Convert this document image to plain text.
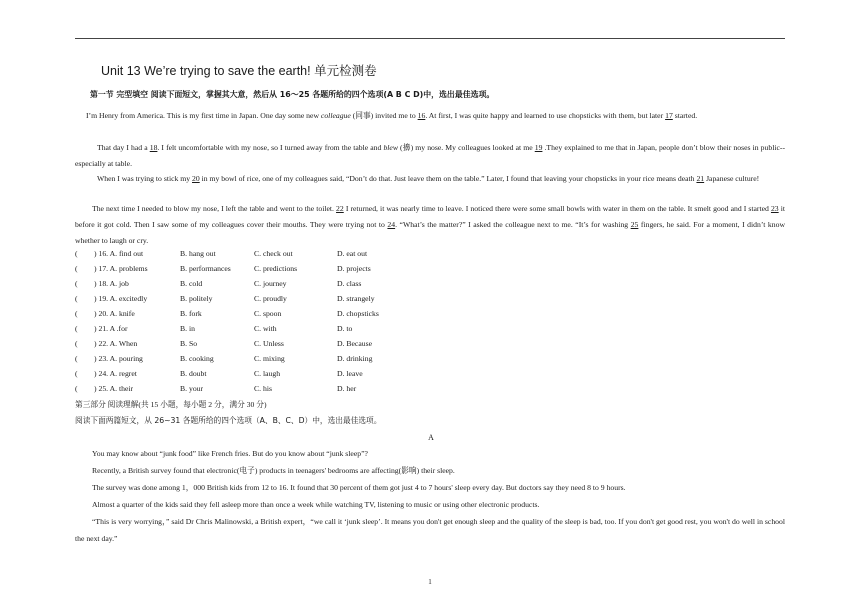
Unit 13 We’re trying to save the earth! 单元检测卷
第一节 完型填空 阅读下面短文，掌握其大意，然后从 16～25 各题所给的四个选项(A B C D)中，选出最佳选项。

I’m Henry from America. This is my first time in Japan. One day some new colleague (同事) invited me to 16. At first, I was quite happy and learned to use chopsticks with them, but later 17 started.

That day I had a 18. I felt uncomfortable with my nose, so I turned away from the table and blew (擤) my nose. My colleagues looked at me 19 .They explained to me that in Japan, people don’t blow their noses in public--especially at table.

When I was trying to stick my 20 in my bowl of rice, one of my colleagues said, “Don’t do that. Just leave them on the table.” Later, I found that leaving your chopsticks in your rice means death 21 Japanese culture!

The next time I needed to blow my nose, I left the table and went to the toilet. 22 I returned, it was nearly time to leave. I noticed there were some small bowls with water in them on the table. It smelt good and I started 23 it before it got cold. Then I saw some of my colleagues cover their mouths. They were trying not to 24. “What’s the matter?” I asked the colleague next to me. “It’s for washing 25 fingers, he said. For a moment, I didn’t know whether to laugh or cry.

( ) 16. A. find out	B. hang out	C. check out	D. eat out
( ) 17. A. problems	B. performances	C. predictions	D. projects
( ) 18. A. job	B. cold	C. journey	D. class
( ) 19. A. excitedly	B. politely	C. proudly	D. strangely
( ) 20. A. knife	B. fork	C. spoon	D. chopsticks
( ) 21. A .for	B. in	C. with	D. to
( ) 22. A. When	B. So	C. Unless	D. Because
( ) 23. A. pouring	B. cooking	C. mixing	D. drinking
( ) 24. A. regret	B. doubt	C. laugh	D. leave
( ) 25. A. their	B. your	C. his	D. her
第三部分 阅读理解(共 15 小题，每小题 2 分，满分 30 分)
阅读下面两篇短文，从 26~31 各题所给的四个选项（A、B、C、D）中，选出最佳选项。
A

You may know about “junk food” like French fries. But do you know about “junk sleep”?

Recently, a British survey found that electronic(电子) products in teenagers' bedrooms are affecting(影响) their sleep.

The survey was done among 1，000 British kids from 12 to 16. It found that 30 percent of them got just 4 to 7 hours' sleep every day. But doctors say they need 8 to 9 hours.

Almost a quarter of the kids said they fell asleep more than once a week while watching TV, listening to music or using other electronic products.

“This is very worrying，” said Dr Chris Malinowski, a British expert，“we call it ‘junk sleep’. It means you don't get enough sleep and the quality of the sleep is bad, too. If you don't get good rest, you won't do well in school the next day.”

1
